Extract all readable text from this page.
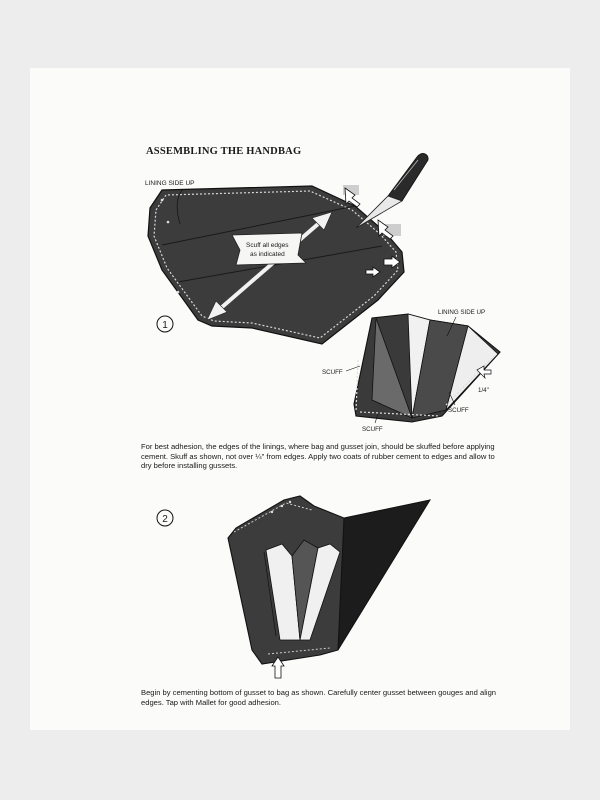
ASSEMBLING THE HANDBAG
Scuff all edges
as indicated
1
LINING SIDE UP
LINING SIDE UP
SCUFF
SCUFF
SCUFF
1/4"
2
For best adhesion, the edges of the linings, where bag and gusset join, should be skuffed before applying cement. Skuff as shown, not over ¼" from edges. Apply two coats of rubber cement to edges and allow to dry before installing gussets.
Begin by cementing bottom of gusset to bag as shown. Carefully center gusset between gouges and align edges. Tap with Mallet for good adhesion.
